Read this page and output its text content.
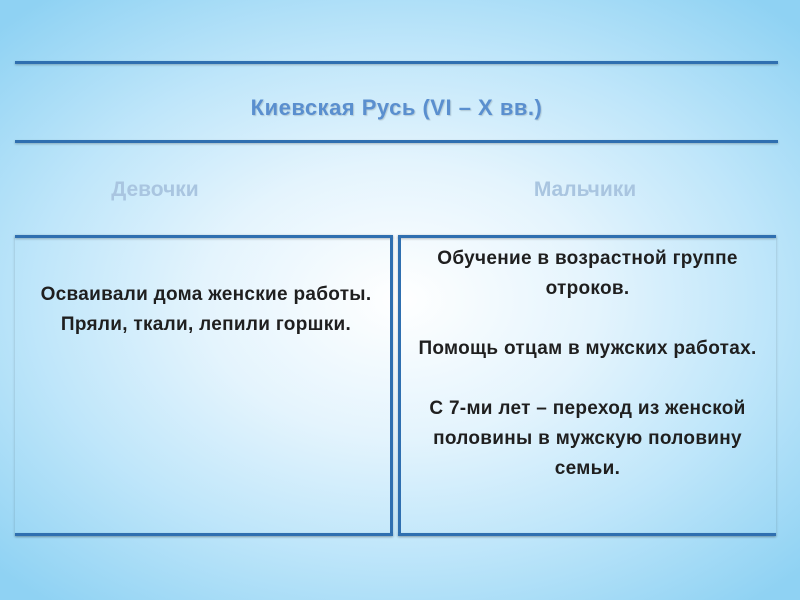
Киевская Русь (VI – X вв.)
Девочки	Мальчики
Осваивали дома женские работы. Пряли, ткали, лепили горшки.
Обучение в возрастной группе отроков.
Помощь отцам в мужских работах.
С 7-ми лет – переход из женской половины в мужскую половину семьи.
